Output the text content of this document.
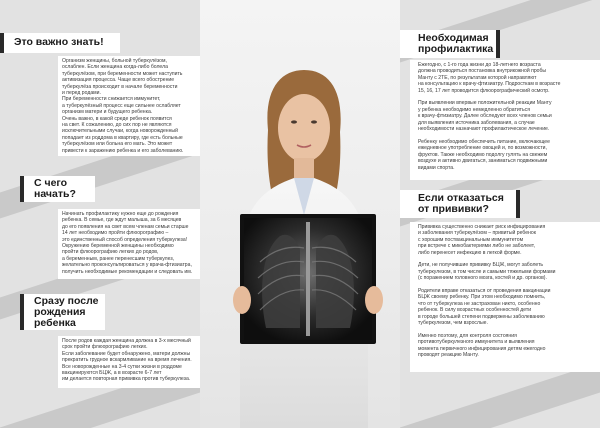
Это важно знать!
Организм женщины, больной туберкулёзом,
ослаблен. Если женщина когда-либо болела
туберкулёзом, при беременности может наступить
активизация процесса. Чаще всего обострение
туберкулёза происходит в начале беременности
и перед родами.
При беременности снижается иммунитет,
а туберкулёзный процесс еще сильнее ослабляет
организм матери и будущего ребенка.
Очень важно, в какой среде ребенок появится
на свет. К сожалению, до сих пор не являются
исключительными случаи, когда новорожденный
попадает из роддома в квартиру, где есть больные
туберкулёзом или больна его мать. Это может
привести к заражению ребенка и его заболеванию.
С чего
начать?
Начинать профилактику нужно еще до рождения
ребенка. В семье, где ждут малыша, за 6 месяцев
до его появления на свет всем членам семьи старше
14 лет необходимо пройти флюорографию –
это единственный способ определения туберкулеза!
Окружению беременной женщины необходимо
пройти флюорографию легких до родов,
а беременным, ранее перенесшим туберкулез,
желательно проконсультироваться у врача-фтизиатра,
получить необходимые рекомендации и следовать им.
Сразу после
рождения
ребенка
После родов каждая женщина должна в 3-х месячный
срок пройти флюорографию легких.
Если заболевание будет обнаружено, матери должны
прекратить грудное вскармливание на время лечения.
Все новорожденные на 3-4 сутки жизни в роддоме
вакцинируются БЦЖ, а в возрасте 6-7 лет
им делается повторная прививка против туберкулеза.
Необходимая
профилактика
Ежегодно, с 1-го года жизни до 18-летнего возраста
должна проводиться постановка внутрикожной пробы
Манту с 2ТЕ, по результатам которой направляют
на консультацию к врачу-фтизиатру. Подросткам в возрасте
15, 16, 17 лет проводится флюорографический осмотр.

При выявлении впервые положительной реакции Манту
у ребенка необходимо немедленно обратиться
к врачу-фтизиатру. Далее обследуют всех членов семьи
для выявления источника заболевания, а случае
необходимости назначают профилактическое лечение.

Ребенку необходимо обеспечить питание, включающее
ежедневное употребление овощей и, по возможности,
фруктов. Также необходимо подолгу гулять на свежем
воздухе и активно двигаться, заниматься подвижными
видами спорта.
Если отказаться
от прививки?
Прививка существенно снижает риск инфицирования
и заболевания туберкулёзом – привитый ребенок
с хорошим поствакцинальным иммунитетом
при встрече с микобактериями либо не заболеет,
либо перенесет инфекцию в легкой форме.

Дети, не получившие прививку БЦЖ, могут заболеть
туберкулезом, в том числе и самыми тяжелыми формами
(с поражением головного мозга, костей и др. органов).

Родители вправе отказаться от проведения вакцинации
БЦЖ своему ребенку. При этом необходимо помнить,
что от туберкулеза не застрахован никто, особенно
ребенок. В силу возрастных особенностей дети
в городе большей степени подвержены заболеванию
туберкулезом, чем взрослые.

Именно поэтому, для контроля состояния
противотуберкулезного иммунитета и выявления
момента первичного инфицирования детям ежегодно
проводят реакцию Манту.
